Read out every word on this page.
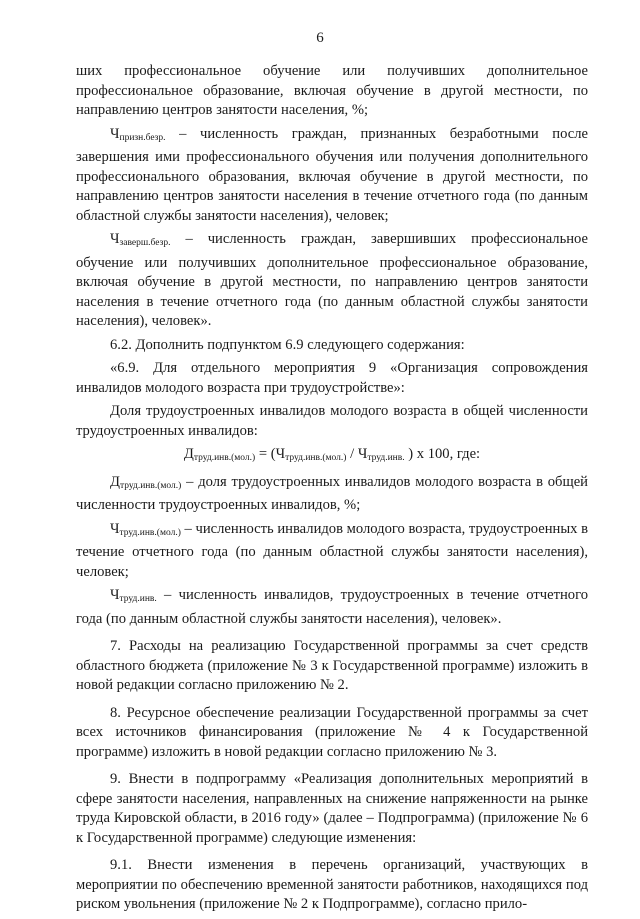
6

ших профессиональное обучение или получивших дополнительное профессиональное образование, включая обучение в другой местности, по направлению центров занятости населения, %;

$Ч_{призн.безр.}$ – численность граждан, признанных безработными после завершения ими профессионального обучения или получения дополнительного профессионального образования, включая обучение в другой местности, по направлению центров занятости населения в течение отчетного года (по данным областной службы занятости населения), человек;

$Ч_{заверш.безр.}$ – численность граждан, завершивших профессиональное обучение или получивших дополнительное профессиональное образование, включая обучение в другой местности, по направлению центров занятости населения в течение отчетного года (по данным областной службы занятости населения), человек».

6.2. Дополнить подпунктом 6.9 следующего содержания:

«6.9. Для отдельного мероприятия 9 «Организация сопровождения инвалидов молодого возраста при трудоустройстве»:

Доля трудоустроенных инвалидов молодого возраста в общей численности трудоустроенных инвалидов:

$Д_{труд.инв.(мол.)} = (Ч_{труд.инв.(мол.)} / Ч_{труд.инв.}$ ) х 100, где:

$Д_{труд.инв.(мол.)}$ – доля трудоустроенных инвалидов молодого возраста в общей численности трудоустроенных инвалидов, %;

$Ч_{труд.инв.(мол.)}$ – численность инвалидов молодого возраста, трудоустроенных в течение отчетного года (по данным областной службы занятости населения), человек;

$Ч_{труд.инв.}$ – численность инвалидов, трудоустроенных в течение отчетного года (по данным областной службы занятости населения), человек».

7. Расходы на реализацию Государственной программы за счет средств областного бюджета (приложение № 3 к Государственной программе) изложить в новой редакции согласно приложению № 2.

8. Ресурсное обеспечение реализации Государственной программы за счет всех источников финансирования (приложение № 4 к Государственной программе) изложить в новой редакции согласно приложению № 3.

9. Внести в подпрограмму «Реализация дополнительных мероприятий в сфере занятости населения, направленных на снижение напряженности на рынке труда Кировской области, в 2016 году» (далее – Подпрограмма) (приложение № 6 к Государственной программе) следующие изменения:

9.1. Внести изменения в перечень организаций, участвующих в мероприятии по обеспечению временной занятости работников, находящихся под риском увольнения (приложение № 2 к Подпрограмме), согласно прило-
